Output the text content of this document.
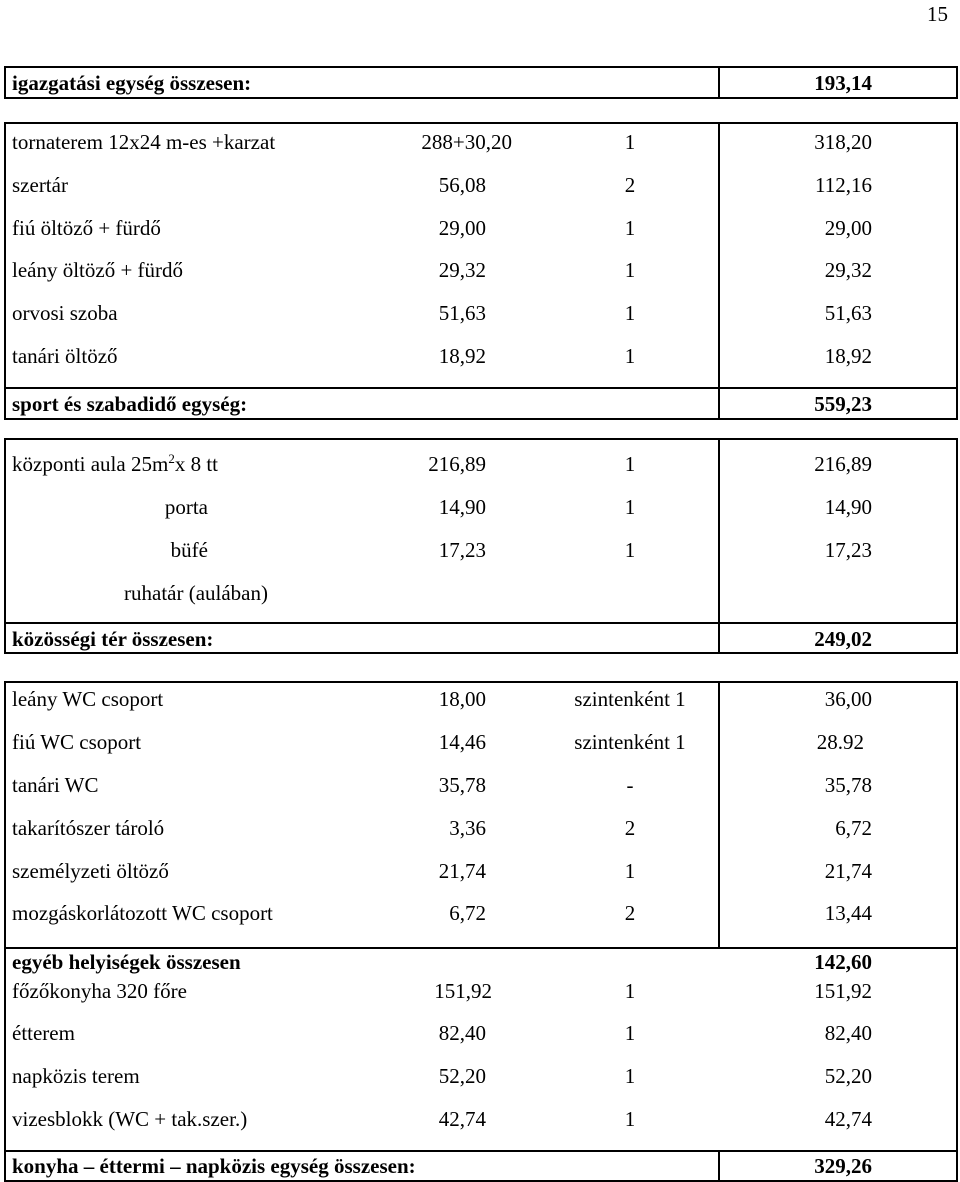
15
igazgatási egység összesen:	193,14
tornaterem 12x24 m-es +karzat	288+30,20	1	318,20
szertár	56,08	2	112,16
fiú öltöző + fürdő	29,00	1	29,00
leány öltöző + fürdő	29,32	1	29,32
orvosi szoba	51,63	1	51,63
tanári öltöző	18,92	1	18,92
sport és szabadidő egység:	559,23
központi aula $25m^2x$ 8 tt	216,89	1	216,89
porta	14,90	1	14,90
büfé	17,23	1	17,23
ruhatár (aulában)
közösségi tér összesen:	249,02
leány WC csoport	18,00	szintenként 1	36,00
fiú WC csoport	14,46	szintenként 1	28.92
tanári WC	35,78	-	35,78
takarítószer tároló	3,36	2	6,72
személyzeti öltöző	21,74	1	21,74
mozgáskorlátozott WC csoport	6,72	2	13,44
egyéb helyiségek összesen	142,60
főzőkonyha 320 főre	151,92	1	151,92
étterem	82,40	1	82,40
napközis terem	52,20	1	52,20
vizesblokk (WC + tak.szer.)	42,74	1	42,74
konyha – éttermi – napközis egység összesen:	329,26
